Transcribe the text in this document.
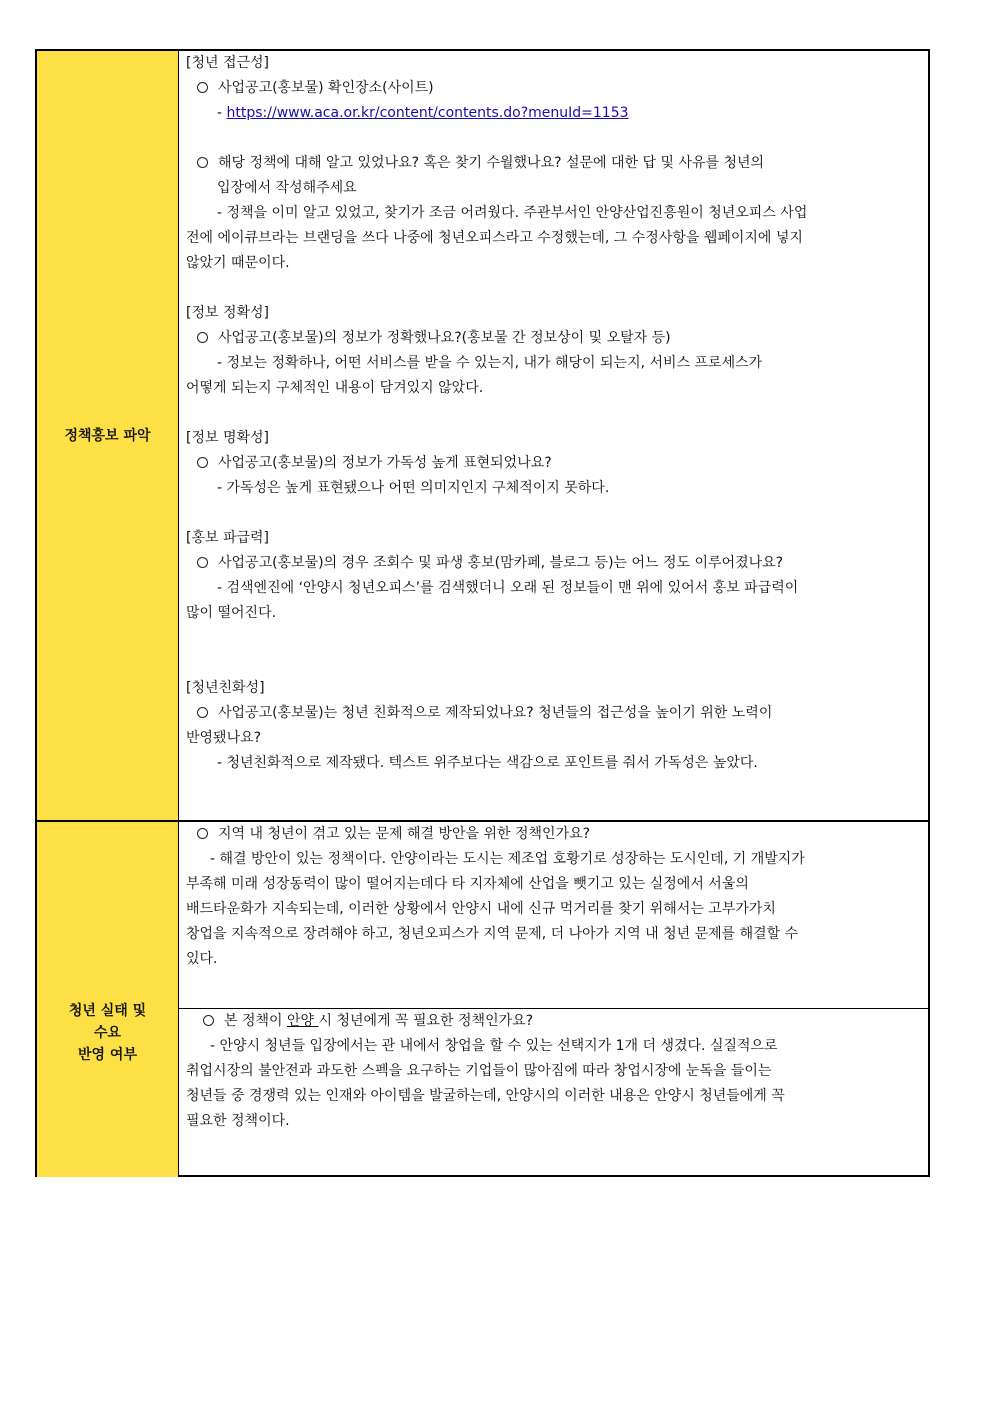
정책홍보 파악
[청년 접근성]
사업공고(홍보물) 확인장소(사이트)
- https://www.aca.or.kr/content/contents.do?menuId=1153
해당 정책에 대해 알고 있었나요? 혹은 찾기 수월했나요? 설문에 대한 답 및 사유를 청년의
입장에서 작성해주세요
- 정책을 이미 알고 있었고, 찾기가 조금 어려웠다. 주관부서인 안양산업진흥원이 청년오피스 사업
전에 에이큐브라는 브랜딩을 쓰다 나중에 청년오피스라고 수정했는데, 그 수정사항을 웹페이지에 넣지
않았기 때문이다.
[정보 정확성]
사업공고(홍보물)의 정보가 정확했나요?(홍보물 간 정보상이 및 오탈자 등)
- 정보는 정확하나, 어떤 서비스를 받을 수 있는지, 내가 해당이 되는지, 서비스 프로세스가
어떻게 되는지 구체적인 내용이 담겨있지 않았다.
[정보 명확성]
사업공고(홍보물)의 정보가 가독성 높게 표현되었나요?
- 가독성은 높게 표현됐으나 어떤 의미지인지 구체적이지 못하다.
[홍보 파급력]
사업공고(홍보물)의 경우 조회수 및 파생 홍보(맘카페, 블로그 등)는 어느 정도 이루어졌나요?
- 검색엔진에 ‘안양시 청년오피스’를 검색했더니 오래 된 정보들이 맨 위에 있어서 홍보 파급력이
많이 떨어진다.
[청년친화성]
사업공고(홍보물)는 청년 친화적으로 제작되었나요? 청년들의 접근성을 높이기 위한 노력이
반영됐나요?
- 청년친화적으로 제작됐다. 텍스트 위주보다는 색감으로 포인트를 줘서 가독성은 높았다.
청년 실태 및
수요
반영 여부
지역 내 청년이 겪고 있는 문제 해결 방안을 위한 정책인가요?
- 해결 방안이 있는 정책이다. 안양이라는 도시는 제조업 호황기로 성장하는 도시인데, 기 개발지가
부족해 미래 성장동력이 많이 떨어지는데다 타 지자체에 산업을 뺏기고 있는 실정에서 서울의
배드타운화가 지속되는데, 이러한 상황에서 안양시 내에 신규 먹거리를 찾기 위해서는 고부가가치
창업을 지속적으로 장려해야 하고, 청년오피스가 지역 문제, 더 나아가 지역 내 청년 문제를 해결할 수
있다.
본 정책이 안양 시 청년에게 꼭 필요한 정책인가요?
- 안양시 청년들 입장에서는 관 내에서 창업을 할 수 있는 선택지가 1개 더 생겼다. 실질적으로
취업시장의 불안전과 과도한 스펙을 요구하는 기업들이 많아짐에 따라 창업시장에 눈독을 들이는
청년들 중 경쟁력 있는 인재와 아이템을 발굴하는데, 안양시의 이러한 내용은 안양시 청년들에게 꼭
필요한 정책이다.
